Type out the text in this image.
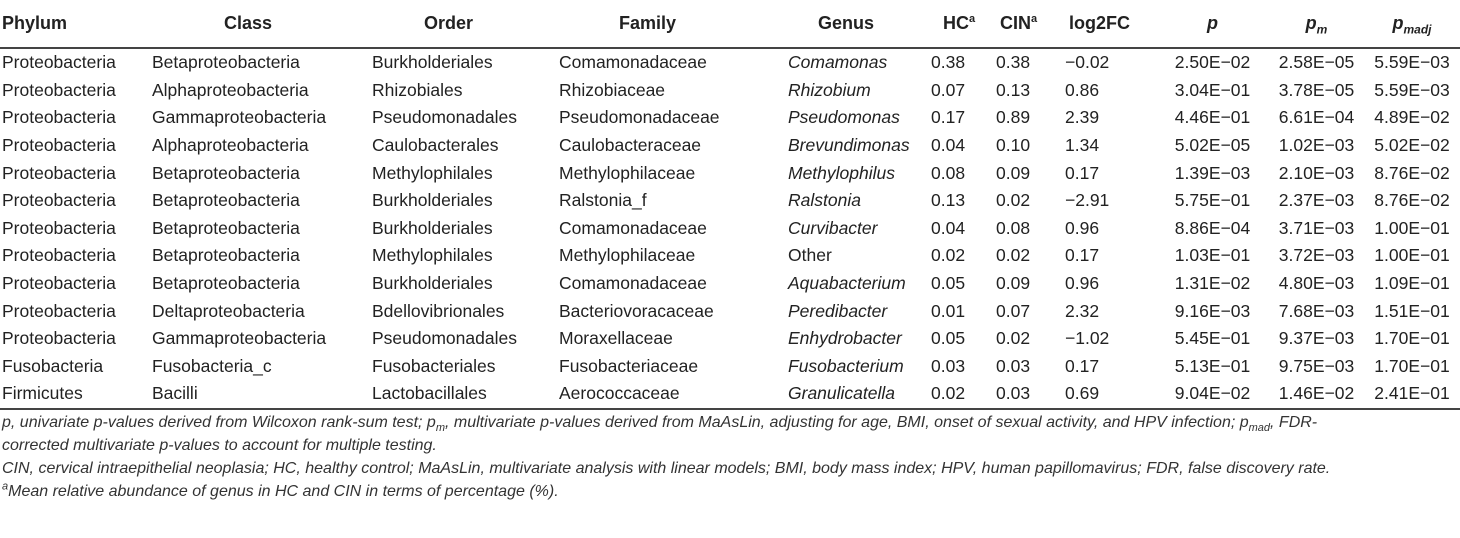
Phylum	Class	Order	Family	Genus	$HC^a$	CIN$^a$	log2FC	p	$p_m$	$p_{madj}$
Proteobacteria	Betaproteobacteria	Burkholderiales	Comamonadaceae	Comamonas	0.38	0.38	−0.02	2.50E−02	2.58E−05	5.59E−03
Proteobacteria	Alphaproteobacteria	Rhizobiales	Rhizobiaceae	Rhizobium	0.07	0.13	0.86	3.04E−01	3.78E−05	5.59E−03
Proteobacteria	Gammaproteobacteria	Pseudomonadales	Pseudomonadaceae	Pseudomonas	0.17	0.89	2.39	4.46E−01	6.61E−04	4.89E−02
Proteobacteria	Alphaproteobacteria	Caulobacterales	Caulobacteraceae	Brevundimonas	0.04	0.10	1.34	5.02E−05	1.02E−03	5.02E−02
Proteobacteria	Betaproteobacteria	Methylophilales	Methylophilaceae	Methylophilus	0.08	0.09	0.17	1.39E−03	2.10E−03	8.76E−02
Proteobacteria	Betaproteobacteria	Burkholderiales	Ralstonia_f	Ralstonia	0.13	0.02	−2.91	5.75E−01	2.37E−03	8.76E−02
Proteobacteria	Betaproteobacteria	Burkholderiales	Comamonadaceae	Curvibacter	0.04	0.08	0.96	8.86E−04	3.71E−03	1.00E−01
Proteobacteria	Betaproteobacteria	Methylophilales	Methylophilaceae	Other	0.02	0.02	0.17	1.03E−01	3.72E−03	1.00E−01
Proteobacteria	Betaproteobacteria	Burkholderiales	Comamonadaceae	Aquabacterium	0.05	0.09	0.96	1.31E−02	4.80E−03	1.09E−01
Proteobacteria	Deltaproteobacteria	Bdellovibrionales	Bacteriovoracaceae	Peredibacter	0.01	0.07	2.32	9.16E−03	7.68E−03	1.51E−01
Proteobacteria	Gammaproteobacteria	Pseudomonadales	Moraxellaceae	Enhydrobacter	0.05	0.02	−1.02	5.45E−01	9.37E−03	1.70E−01
Fusobacteria	Fusobacteria_c	Fusobacteriales	Fusobacteriaceae	Fusobacterium	0.03	0.03	0.17	5.13E−01	9.75E−03	1.70E−01
Firmicutes	Bacilli	Lactobacillales	Aerococcaceae	Granulicatella	0.02	0.03	0.69	9.04E−02	1.46E−02	2.41E−01

p, univariate p-values derived from Wilcoxon rank-sum test; $p_m$, multivariate p-values derived from MaAsLin, adjusting for age, BMI, onset of sexual activity, and HPV infection; $p_{mad}$, FDR-

corrected multivariate p-values to account for multiple testing.

CIN, cervical intraepithelial neoplasia; HC, healthy control; MaAsLin, multivariate analysis with linear models; BMI, body mass index; HPV, human papillomavirus; FDR, false discovery rate.

$^a$Mean relative abundance of genus in HC and CIN in terms of percentage (%).
